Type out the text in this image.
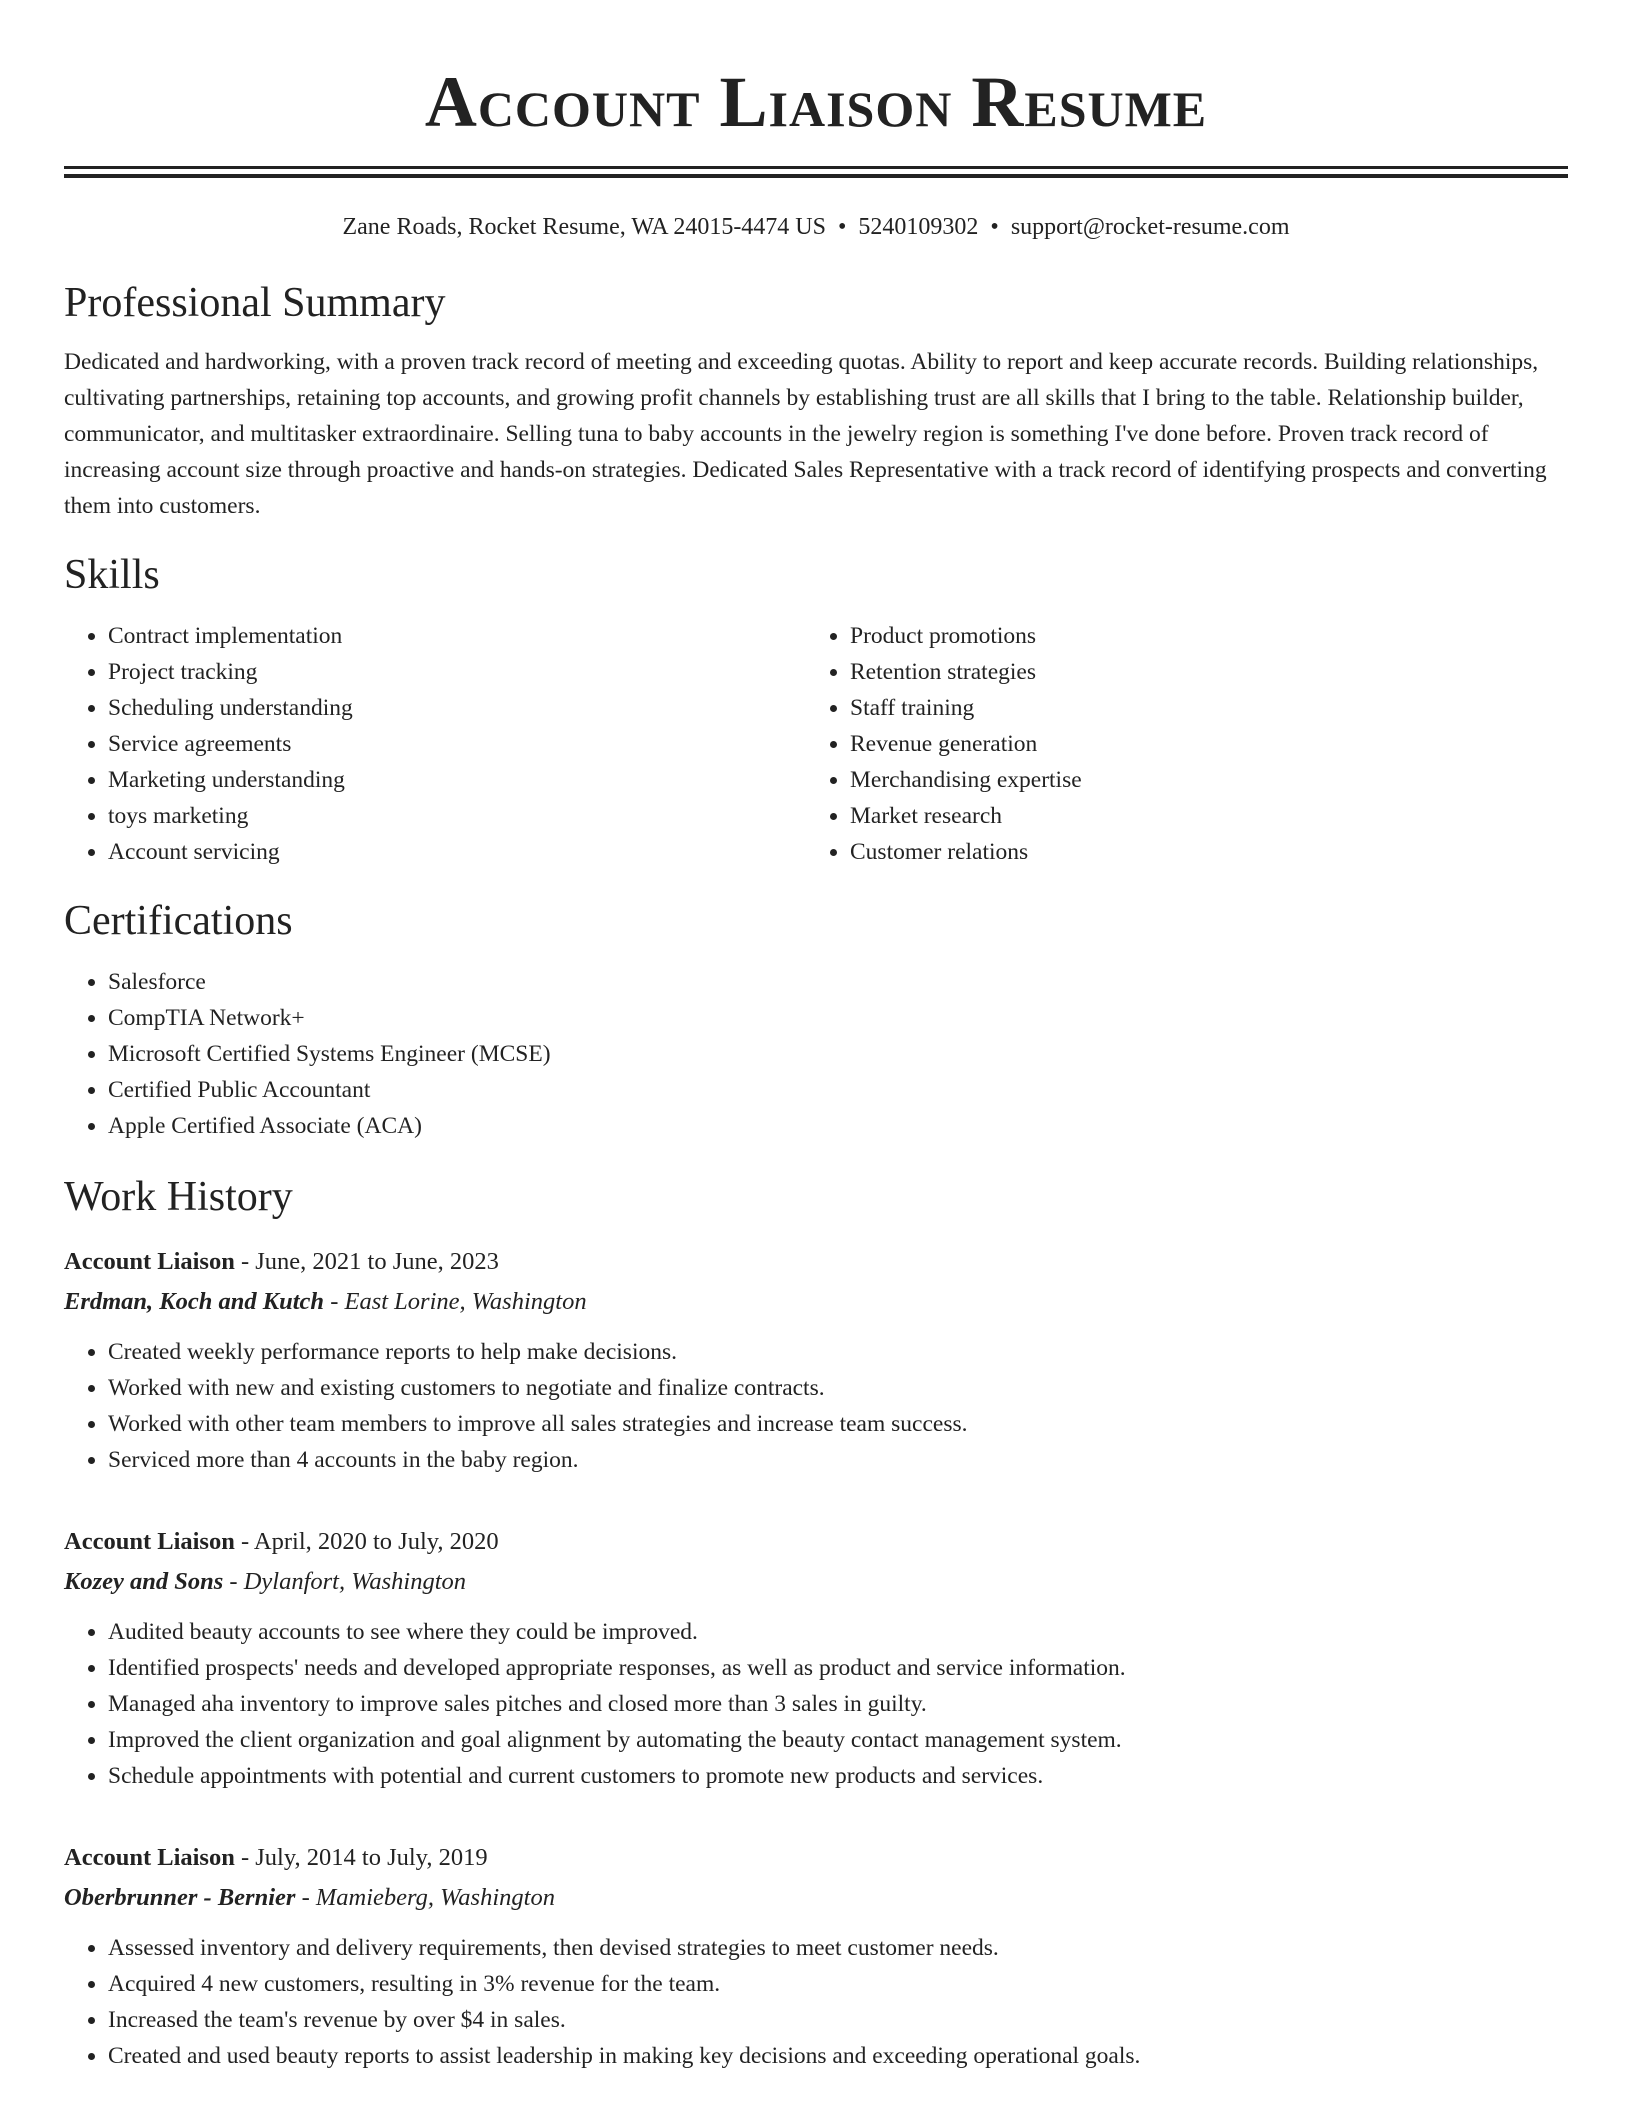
Account Liaison Resume
Zane Roads, Rocket Resume, WA 24015-4474 US • 5240109302 • support@rocket-resume.com
Professional Summary

Dedicated and hardworking, with a proven track record of meeting and exceeding quotas. Ability to report and keep accurate records. Building relationships, cultivating partnerships, retaining top accounts, and growing profit channels by establishing trust are all skills that I bring to the table. Relationship builder, communicator, and multitasker extraordinaire. Selling tuna to baby accounts in the jewelry region is something I've done before. Proven track record of increasing account size through proactive and hands-on strategies. Dedicated Sales Representative with a track record of identifying prospects and converting them into customers.

Skills
• Contract implementation
• Project tracking
• Scheduling understanding
• Service agreements
• Marketing understanding
• toys marketing
• Account servicing
• Product promotions
• Retention strategies
• Staff training
• Revenue generation
• Merchandising expertise
• Market research
• Customer relations
Certifications
• Salesforce
• CompTIA Network+
• Microsoft Certified Systems Engineer (MCSE)
• Certified Public Accountant
• Apple Certified Associate (ACA)
Work History
Account Liaison - June, 2021 to June, 2023
Erdman, Koch and Kutch - East Lorine, Washington
• Created weekly performance reports to help make decisions.
• Worked with new and existing customers to negotiate and finalize contracts.
• Worked with other team members to improve all sales strategies and increase team success.
• Serviced more than 4 accounts in the baby region.
Account Liaison - April, 2020 to July, 2020
Kozey and Sons - Dylanfort, Washington
• Audited beauty accounts to see where they could be improved.
• Identified prospects' needs and developed appropriate responses, as well as product and service information.
• Managed aha inventory to improve sales pitches and closed more than 3 sales in guilty.
• Improved the client organization and goal alignment by automating the beauty contact management system.
• Schedule appointments with potential and current customers to promote new products and services.
Account Liaison - July, 2014 to July, 2019
Oberbrunner - Bernier - Mamieberg, Washington
• Assessed inventory and delivery requirements, then devised strategies to meet customer needs.
• Acquired 4 new customers, resulting in 3% revenue for the team.
• Increased the team's revenue by over $4 in sales.
• Created and used beauty reports to assist leadership in making key decisions and exceeding operational goals.
